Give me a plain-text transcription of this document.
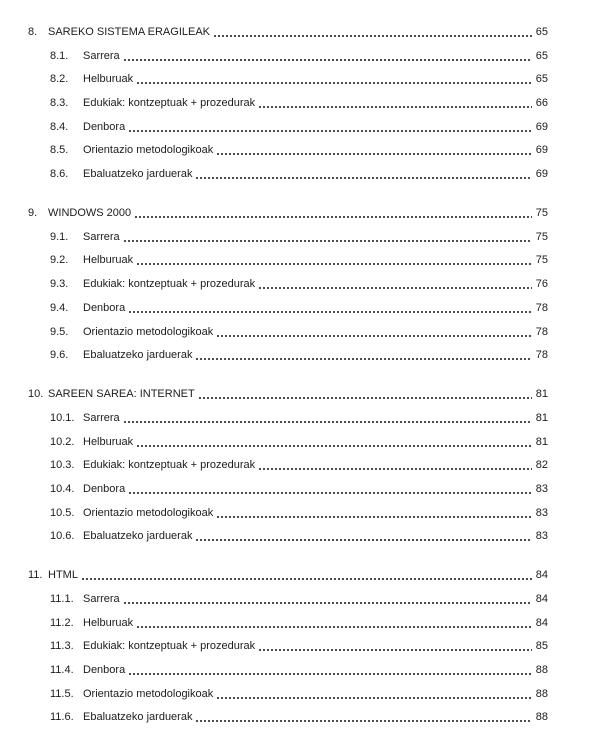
8. SAREKO SISTEMA ERAGILEAK	65
8.1.	Sarrera	65
8.2.	Helburuak	65
8.3.	Edukiak: kontzeptuak + prozedurak	66
8.4.	Denbora	69
8.5.	Orientazio metodologikoak	69
8.6.	Ebaluatzeko jarduerak	69
9. WINDOWS 2000	75
9.1.	Sarrera	75
9.2.	Helburuak	75
9.3.	Edukiak: kontzeptuak + prozedurak	76
9.4.	Denbora	78
9.5.	Orientazio metodologikoak	78
9.6.	Ebaluatzeko jarduerak	78
10. SAREEN SAREA: INTERNET	81
10.1. Sarrera	81
10.2. Helburuak	81
10.3. Edukiak: kontzeptuak + prozedurak	82
10.4. Denbora	83
10.5. Orientazio metodologikoak	83
10.6. Ebaluatzeko jarduerak	83
11. HTML	84
11.1. Sarrera	84
11.2. Helburuak	84
11.3. Edukiak: kontzeptuak + prozedurak	85
11.4. Denbora	88
11.5. Orientazio metodologikoak	88
11.6. Ebaluatzeko jarduerak	88
